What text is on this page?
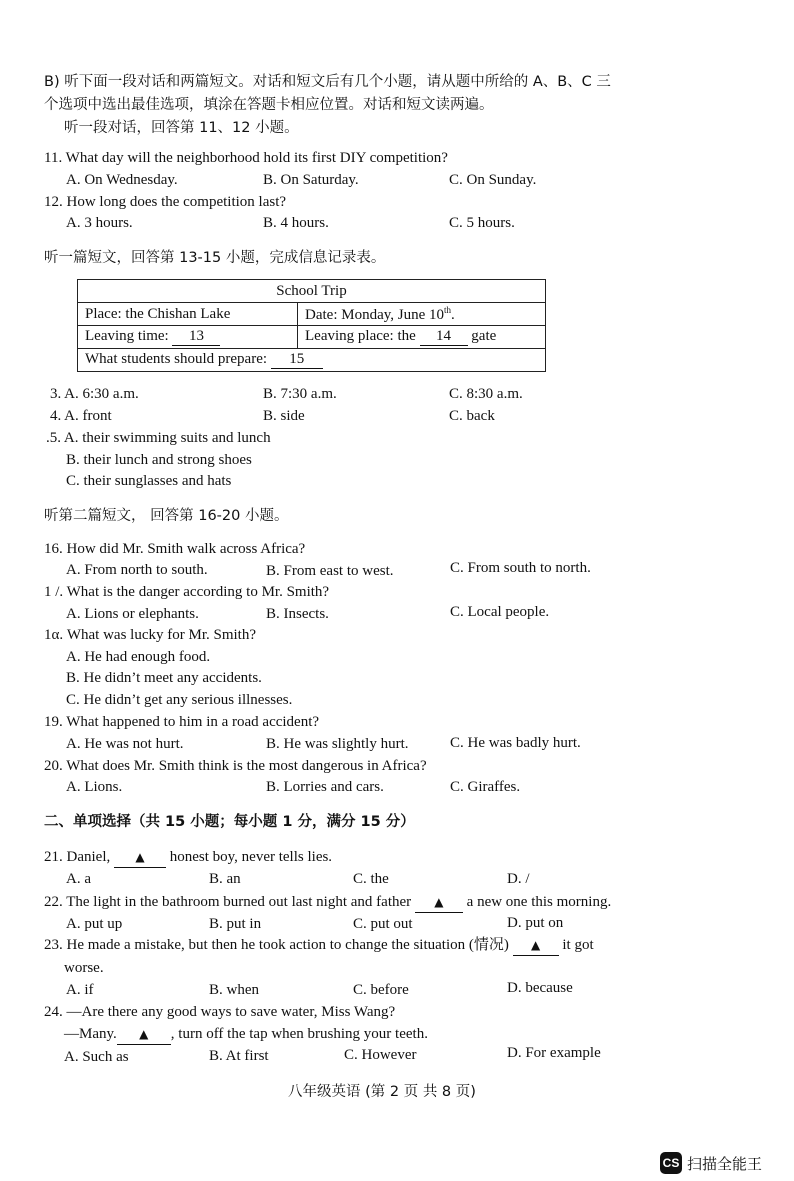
B) 听下面一段对话和两篇短文。对话和短文后有几个小题，请从题中所给的 A、B、C 三
个选项中选出最佳选项，填涂在答题卡相应位置。对话和短文读两遍。
听一段对话，回答第 11、12 小题。
11. What day will the neighborhood hold its first DIY competition?
A. On Wednesday.	B. On Saturday.	C. On Sunday.
12. How long does the competition last?
A. 3 hours.	B. 4 hours.	C. 5 hours.
听一篇短文，回答第 13-15 小题，完成信息记录表。
School Trip	
Place: the Chishan Lake	Date: Monday, June 10th.
Leaving time: 13	Leaving place: the 14 gate
What students should prepare: 15	
3. A. 6:30 a.m.	B. 7:30 a.m.	C. 8:30 a.m.
4. A. front	B. side	C. back
.5. A. their swimming suits and lunch
B. their lunch and strong shoes
C. their sunglasses and hats
听第二篇短文， 回答第 16-20 小题。
16. How did Mr. Smith walk across Africa?
A. From north to south.	B. From east to west.	C. From south to north.
1 /. What is the danger according to Mr. Smith?
A. Lions or elephants.	B. Insects.	C. Local people.
1α. What was lucky for Mr. Smith?
A. He had enough food.
B. He didn’t meet any accidents.
C. He didn’t get any serious illnesses.
19. What happened to him in a road accident?
A. He was not hurt.	B. He was slightly hurt.	C. He was badly hurt.
20. What does Mr. Smith think is the most dangerous in Africa?
A. Lions.	B. Lorries and cars.	C. Giraffes.
二、单项选择（共 15 小题；每小题 1 分，满分 15 分）
21. Daniel, ▲ honest boy, never tells lies.
A. a	B. an	C. the	D. /
22. The light in the bathroom burned out last night and father ▲ a new one this morning.
A. put up	B. put in	C. put out	D. put on
23. He made a mistake, but then he took action to change the situation (情况) ▲ it got
worse.
A. if	B. when	C. before	D. because
24. —Are there any good ways to save water, Miss Wang?
—Many. ▲ , turn off the tap when brushing your teeth.
A. Such as	B. At first	C. However	D. For example
八年级英语 (第 2 页 共 8 页)
CS 扫描全能王
